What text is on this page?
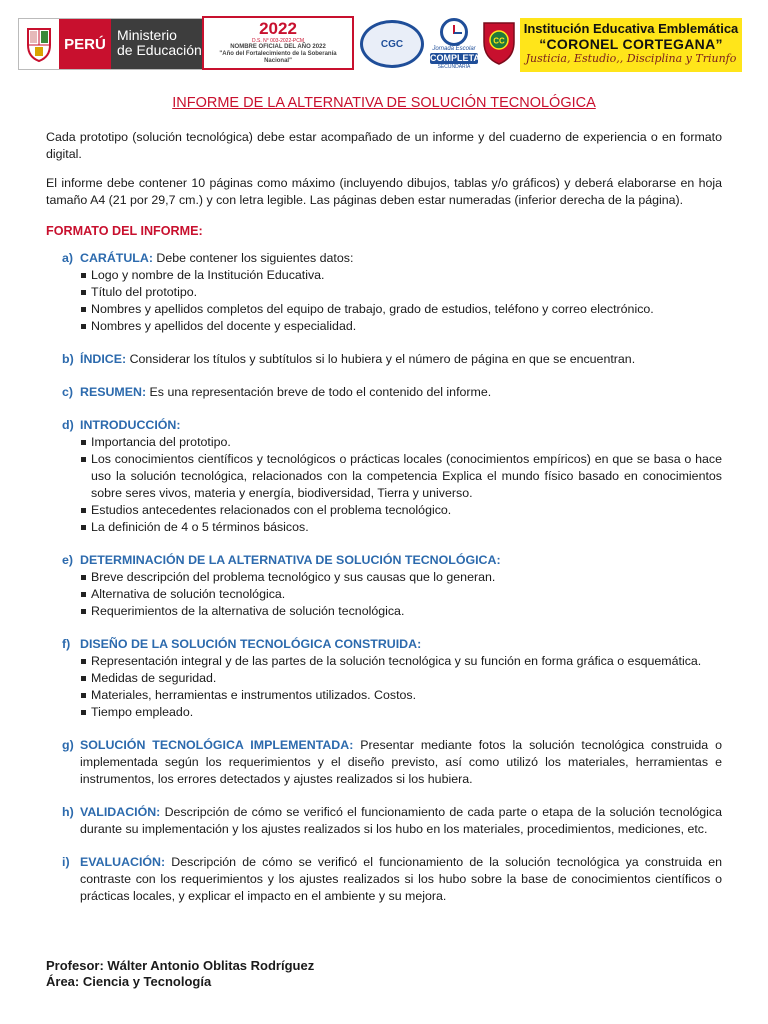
PERÚ
Ministerio
de Educación
2022
D.S. N° 003-2022-PCM
NOMBRE OFICIAL DEL AÑO 2022
"Año del Fortalecimiento de la Soberanía Nacional"
CGC	Jornada Escolar
COMPLETA
SECUNDARIA
CC
Institución Educativa Emblemática
“CORONEL CORTEGANA”
Justicia, Estudio,, Disciplina y Triunfo
INFORME DE LA ALTERNATIVA DE SOLUCIÓN TECNOLÓGICA

Cada prototipo (solución tecnológica) debe estar acompañado de un informe y del cuaderno de experiencia o en formato digital.

El informe debe contener 10 páginas como máximo (incluyendo dibujos, tablas y/o gráficos) y deberá elaborarse en hoja tamaño A4 (21 por 29,7 cm.) y con letra legible. Las páginas deben estar numeradas (inferior derecha de la página).

FORMATO DEL INFORME:
a) CARÁTULA: Debe contener los siguientes datos:
Logo y nombre de la Institución Educativa.
Título del prototipo.
Nombres y apellidos completos del equipo de trabajo, grado de estudios, teléfono y correo electrónico.
Nombres y apellidos del docente y especialidad.
b) ÍNDICE: Considerar los títulos y subtítulos si lo hubiera y el número de página en que se encuentran.
c) RESUMEN: Es una representación breve de todo el contenido del informe.
d) INTRODUCCIÓN:
Importancia del prototipo.
Los conocimientos científicos y tecnológicos o prácticas locales (conocimientos empíricos) en que se basa o hace uso la solución tecnológica, relacionados con la competencia Explica el mundo físico basado en conocimientos sobre seres vivos, materia y energía, biodiversidad, Tierra y universo.
Estudios antecedentes relacionados con el problema tecnológico.
La definición de 4 o 5 términos básicos.
e) DETERMINACIÓN DE LA ALTERNATIVA DE SOLUCIÓN TECNOLÓGICA:
Breve descripción del problema tecnológico y sus causas que lo generan.
Alternativa de solución tecnológica.
Requerimientos de la alternativa de solución tecnológica.
f) DISEÑO DE LA SOLUCIÓN TECNOLÓGICA CONSTRUIDA:
Representación integral y de las partes de la solución tecnológica y su función en forma gráfica o esquemática.
Medidas de seguridad.
Materiales, herramientas e instrumentos utilizados. Costos.
Tiempo empleado.
g) SOLUCIÓN TECNOLÓGICA IMPLEMENTADA: Presentar mediante fotos la solución tecnológica construida o implementada según los requerimientos y el diseño previsto, así como utilizó los materiales, herramientas e instrumentos, los errores detectados y ajustes realizados si los hubiera.
h) VALIDACIÓN: Descripción de cómo se verificó el funcionamiento de cada parte o etapa de la solución tecnológica durante su implementación y los ajustes realizados si los hubo en los materiales, procedimientos, mediciones, etc.
i) EVALUACIÓN: Descripción de cómo se verificó el funcionamiento de la solución tecnológica ya construida en contraste con los requerimientos y los ajustes realizados si los hubo sobre la base de conocimientos científicos o prácticas locales, y explicar el impacto en el ambiente y su mejora.
Profesor: Wálter Antonio Oblitas Rodríguez
Área: Ciencia y Tecnología
